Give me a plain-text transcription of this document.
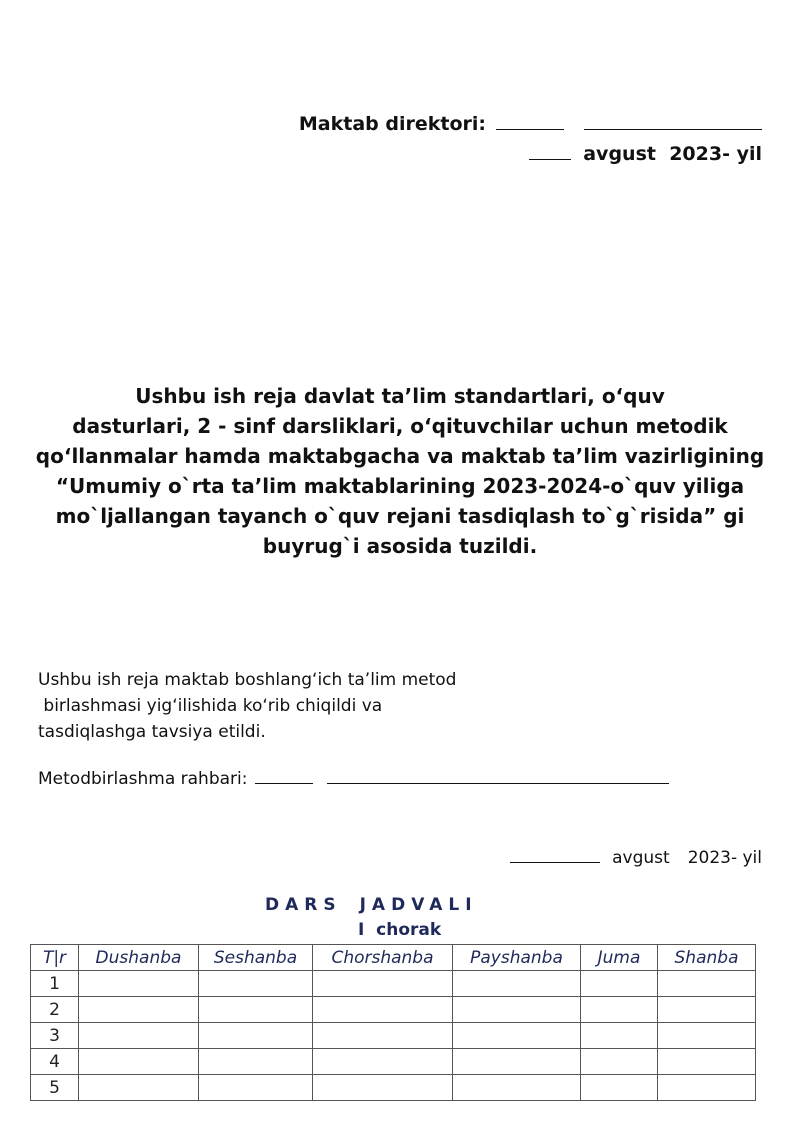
Maktab direktori:
avgust 2023- yil
Ushbu ish reja davlat ta’lim standartlari, o‘quv
dasturlari, 2 - sinf darsliklari, o‘qituvchilar uchun metodik
qo‘llanmalar hamda maktabgacha va maktab ta’lim vazirligining
“Umumiy o`rta ta’lim maktablarining 2023-2024-o`quv yiliga
mo`ljallangan tayanch o`quv rejani tasdiqlash to`g`risida” gi
buyrug`i asosida tuzildi.
Ushbu ish reja maktab boshlang‘ich ta’lim metod
birlashmasi yig‘ilishida ko‘rib chiqildi va
tasdiqlashga tavsiya etildi.
Metodbirlashma rahbari:
avgust 2023- yil
DARS JADVALI
I  chorak
T|r	Dushanba	Seshanba	Chorshanba	Payshanba	Juma	Shanba
1						
2						
3						
4						
5						
